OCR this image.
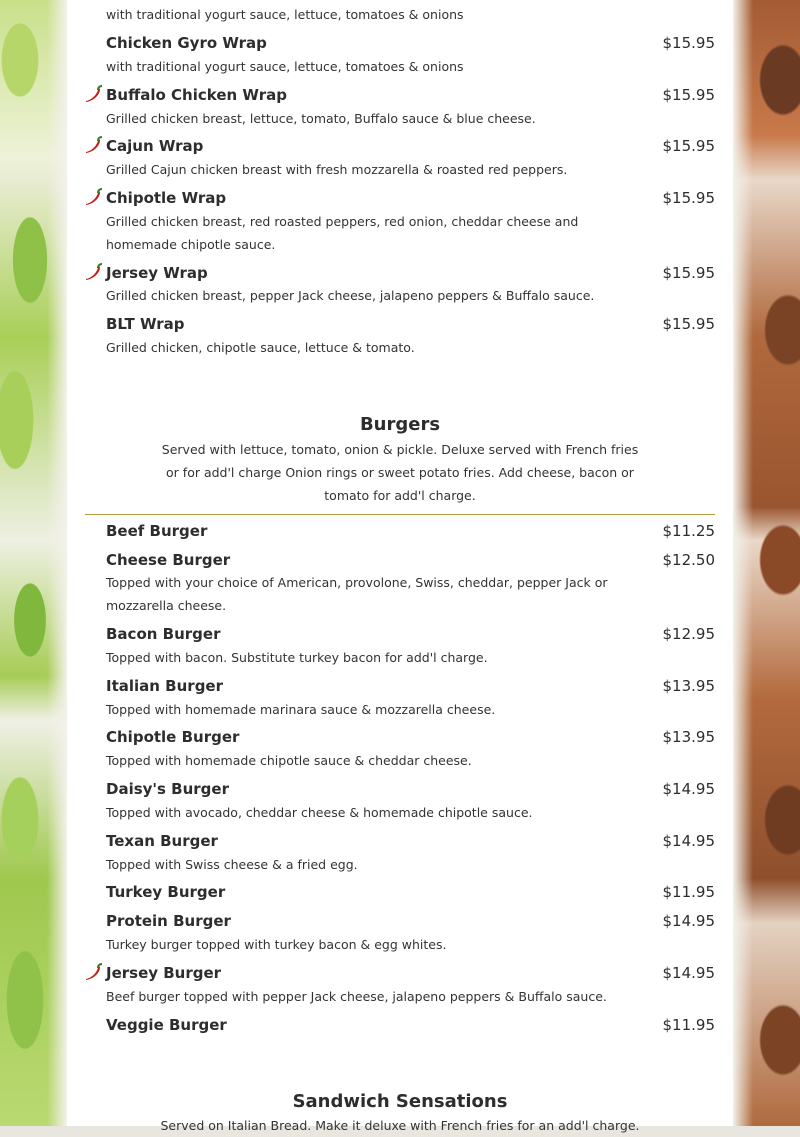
with traditional yogurt sauce, lettuce, tomatoes & onions
Chicken Gyro Wrap	$15.95
with traditional yogurt sauce, lettuce, tomatoes & onions
Buffalo Chicken Wrap	$15.95
Grilled chicken breast, lettuce, tomato, Buffalo sauce & blue cheese.
Cajun Wrap	$15.95
Grilled Cajun chicken breast with fresh mozzarella & roasted red peppers.
Chipotle Wrap	$15.95
Grilled chicken breast, red roasted peppers, red onion, cheddar cheese and homemade chipotle sauce.
Jersey Wrap	$15.95
Grilled chicken breast, pepper Jack cheese, jalapeno peppers & Buffalo sauce.
BLT Wrap	$15.95
Grilled chicken, chipotle sauce, lettuce & tomato.
Burgers
Served with lettuce, tomato, onion & pickle. Deluxe served with French fries or for add'l charge Onion rings or sweet potato fries. Add cheese, bacon or tomato for add'l charge.
Beef Burger	$11.25
Cheese Burger	$12.50
Topped with your choice of American, provolone, Swiss, cheddar, pepper Jack or mozzarella cheese.
Bacon Burger	$12.95
Topped with bacon. Substitute turkey bacon for add'l charge.
Italian Burger	$13.95
Topped with homemade marinara sauce & mozzarella cheese.
Chipotle Burger	$13.95
Topped with homemade chipotle sauce & cheddar cheese.
Daisy's Burger	$14.95
Topped with avocado, cheddar cheese & homemade chipotle sauce.
Texan Burger	$14.95
Topped with Swiss cheese & a fried egg.
Turkey Burger	$11.95
Protein Burger	$14.95
Turkey burger topped with turkey bacon & egg whites.
Jersey Burger	$14.95
Beef burger topped with pepper Jack cheese, jalapeno peppers & Buffalo sauce.
Veggie Burger	$11.95
Sandwich Sensations
Served on Italian Bread. Make it deluxe with French fries for an add'l charge.
